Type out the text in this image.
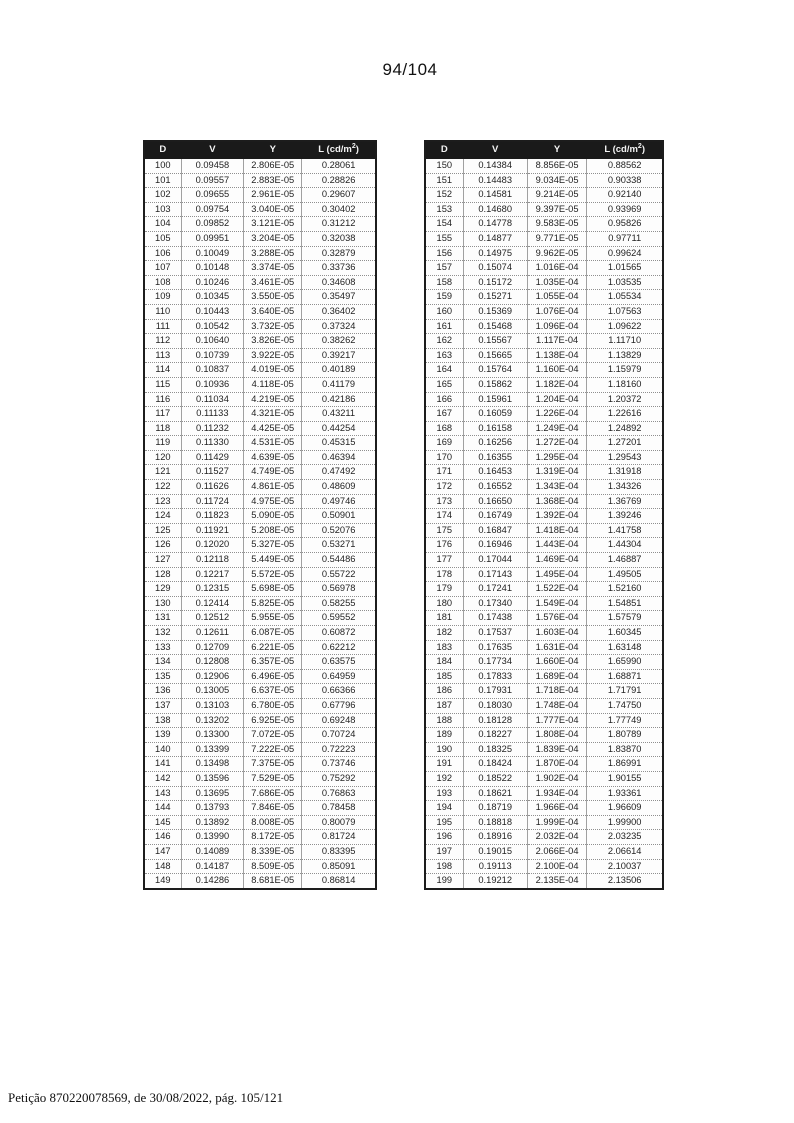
94/104
D	V	Y	L $(cd/m^2)$
100	0.09458	2.806E-05	0.28061
101	0.09557	2.883E-05	0.28826
102	0.09655	2.961E-05	0.29607
103	0.09754	3.040E-05	0.30402
104	0.09852	3.121E-05	0.31212
105	0.09951	3.204E-05	0.32038
106	0.10049	3.288E-05	0.32879
107	0.10148	3.374E-05	0.33736
108	0.10246	3.461E-05	0.34608
109	0.10345	3.550E-05	0.35497
110	0.10443	3.640E-05	0.36402
111	0.10542	3.732E-05	0.37324
112	0.10640	3.826E-05	0.38262
113	0.10739	3.922E-05	0.39217
114	0.10837	4.019E-05	0.40189
115	0.10936	4.118E-05	0.41179
116	0.11034	4.219E-05	0.42186
117	0.11133	4.321E-05	0.43211
118	0.11232	4.425E-05	0.44254
119	0.11330	4.531E-05	0.45315
120	0.11429	4.639E-05	0.46394
121	0.11527	4.749E-05	0.47492
122	0.11626	4.861E-05	0.48609
123	0.11724	4.975E-05	0.49746
124	0.11823	5.090E-05	0.50901
125	0.11921	5.208E-05	0.52076
126	0.12020	5.327E-05	0.53271
127	0.12118	5.449E-05	0.54486
128	0.12217	5.572E-05	0.55722
129	0.12315	5.698E-05	0.56978
130	0.12414	5.825E-05	0.58255
131	0.12512	5.955E-05	0.59552
132	0.12611	6.087E-05	0.60872
133	0.12709	6.221E-05	0.62212
134	0.12808	6.357E-05	0.63575
135	0.12906	6.496E-05	0.64959
136	0.13005	6.637E-05	0.66366
137	0.13103	6.780E-05	0.67796
138	0.13202	6.925E-05	0.69248
139	0.13300	7.072E-05	0.70724
140	0.13399	7.222E-05	0.72223
141	0.13498	7.375E-05	0.73746
142	0.13596	7.529E-05	0.75292
143	0.13695	7.686E-05	0.76863
144	0.13793	7.846E-05	0.78458
145	0.13892	8.008E-05	0.80079
146	0.13990	8.172E-05	0.81724
147	0.14089	8.339E-05	0.83395
148	0.14187	8.509E-05	0.85091
149	0.14286	8.681E-05	0.86814
D	V	Y	L $(cd/m^2)$
150	0.14384	8.856E-05	0.88562
151	0.14483	9.034E-05	0.90338
152	0.14581	9.214E-05	0.92140
153	0.14680	9.397E-05	0.93969
154	0.14778	9.583E-05	0.95826
155	0.14877	9.771E-05	0.97711
156	0.14975	9.962E-05	0.99624
157	0.15074	1.016E-04	1.01565
158	0.15172	1.035E-04	1.03535
159	0.15271	1.055E-04	1.05534
160	0.15369	1.076E-04	1.07563
161	0.15468	1.096E-04	1.09622
162	0.15567	1.117E-04	1.11710
163	0.15665	1.138E-04	1.13829
164	0.15764	1.160E-04	1.15979
165	0.15862	1.182E-04	1.18160
166	0.15961	1.204E-04	1.20372
167	0.16059	1.226E-04	1.22616
168	0.16158	1.249E-04	1.24892
169	0.16256	1.272E-04	1.27201
170	0.16355	1.295E-04	1.29543
171	0.16453	1.319E-04	1.31918
172	0.16552	1.343E-04	1.34326
173	0.16650	1.368E-04	1.36769
174	0.16749	1.392E-04	1.39246
175	0.16847	1.418E-04	1.41758
176	0.16946	1.443E-04	1.44304
177	0.17044	1.469E-04	1.46887
178	0.17143	1.495E-04	1.49505
179	0.17241	1.522E-04	1.52160
180	0.17340	1.549E-04	1.54851
181	0.17438	1.576E-04	1.57579
182	0.17537	1.603E-04	1.60345
183	0.17635	1.631E-04	1.63148
184	0.17734	1.660E-04	1.65990
185	0.17833	1.689E-04	1.68871
186	0.17931	1.718E-04	1.71791
187	0.18030	1.748E-04	1.74750
188	0.18128	1.777E-04	1.77749
189	0.18227	1.808E-04	1.80789
190	0.18325	1.839E-04	1.83870
191	0.18424	1.870E-04	1.86991
192	0.18522	1.902E-04	1.90155
193	0.18621	1.934E-04	1.93361
194	0.18719	1.966E-04	1.96609
195	0.18818	1.999E-04	1.99900
196	0.18916	2.032E-04	2.03235
197	0.19015	2.066E-04	2.06614
198	0.19113	2.100E-04	2.10037
199	0.19212	2.135E-04	2.13506
Petição 870220078569, de 30/08/2022, pág. 105/121
